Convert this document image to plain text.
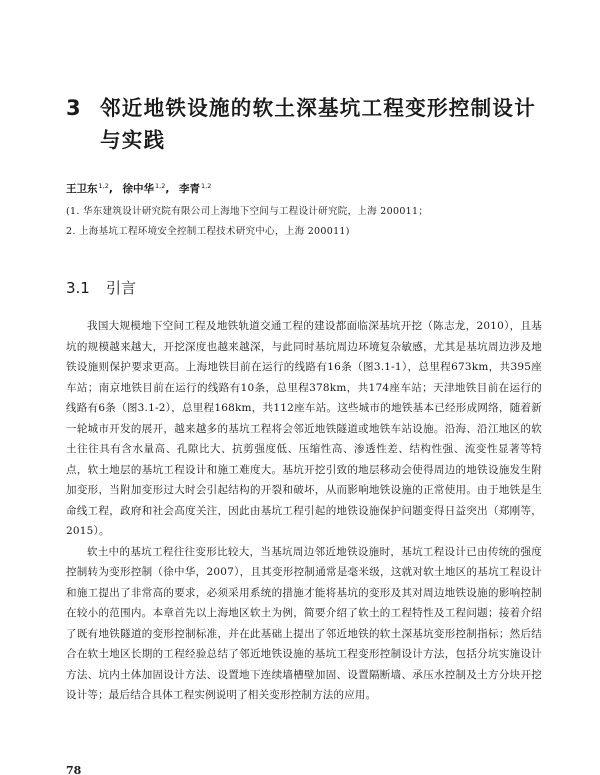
3 邻近地铁设施的软土深基坑工程变形控制设计与实践
王卫东$^{1,2}$, 徐中华$^{1,2}$, 李青$^{1,2}$
(1. 华东建筑设计研究院有限公司上海地下空间与工程设计研究院，上海 200011；
2. 上海基坑工程环境安全控制工程技术研究中心，上海 200011)
3.1	引言

我国大规模地下空间工程及地铁轨道交通工程的建设都面临深基坑开挖（陈志龙，2010），且基坑的规模越来越大，开挖深度也越来越深，与此同时基坑周边环境复杂敏感，尤其是基坑周边涉及地铁设施则保护要求更高。上海地铁目前在运行的线路有16条（图3.1-1），总里程673km，共395座车站；南京地铁目前在运行的线路有10条，总里程378km，共174座车站；天津地铁目前在运行的线路有6条（图3.1-2），总里程168km，共112座车站。这些城市的地铁基本已经形成网络，随着新一轮城市开发的展开，越来越多的基坑工程将会邻近地铁隧道或地铁车站设施。沿海、沿江地区的软土往往具有含水量高、孔隙比大、抗剪强度低、压缩性高、渗透性差、结构性强、流变性显著等特点，软土地层的基坑工程设计和施工难度大。基坑开挖引致的地层移动会使得周边的地铁设施发生附加变形，当附加变形过大时会引起结构的开裂和破坏，从而影响地铁设施的正常使用。由于地铁是生命线工程，政府和社会高度关注，因此由基坑工程引起的地铁设施保护问题变得日益突出（郑刚等，2015）。

软土中的基坑工程往往变形比较大，当基坑周边邻近地铁设施时，基坑工程设计已由传统的强度控制转为变形控制（徐中华，2007），且其变形控制通常是毫米级，这就对软土地区的基坑工程设计和施工提出了非常高的要求，必须采用系统的措施才能将基坑的变形及其对周边地铁设施的影响控制在较小的范围内。本章首先以上海地区软土为例，简要介绍了软土的工程特性及工程问题；接着介绍了既有地铁隧道的变形控制标准，并在此基础上提出了邻近地铁的软土深基坑变形控制指标；然后结合在软土地区长期的工程经验总结了邻近地铁设施的基坑工程变形控制设计方法，包括分坑实施设计方法、坑内土体加固设计方法、设置地下连续墙槽壁加固、设置隔断墙、承压水控制及土方分块开挖设计等；最后结合具体工程实例说明了相关变形控制方法的应用。

78
